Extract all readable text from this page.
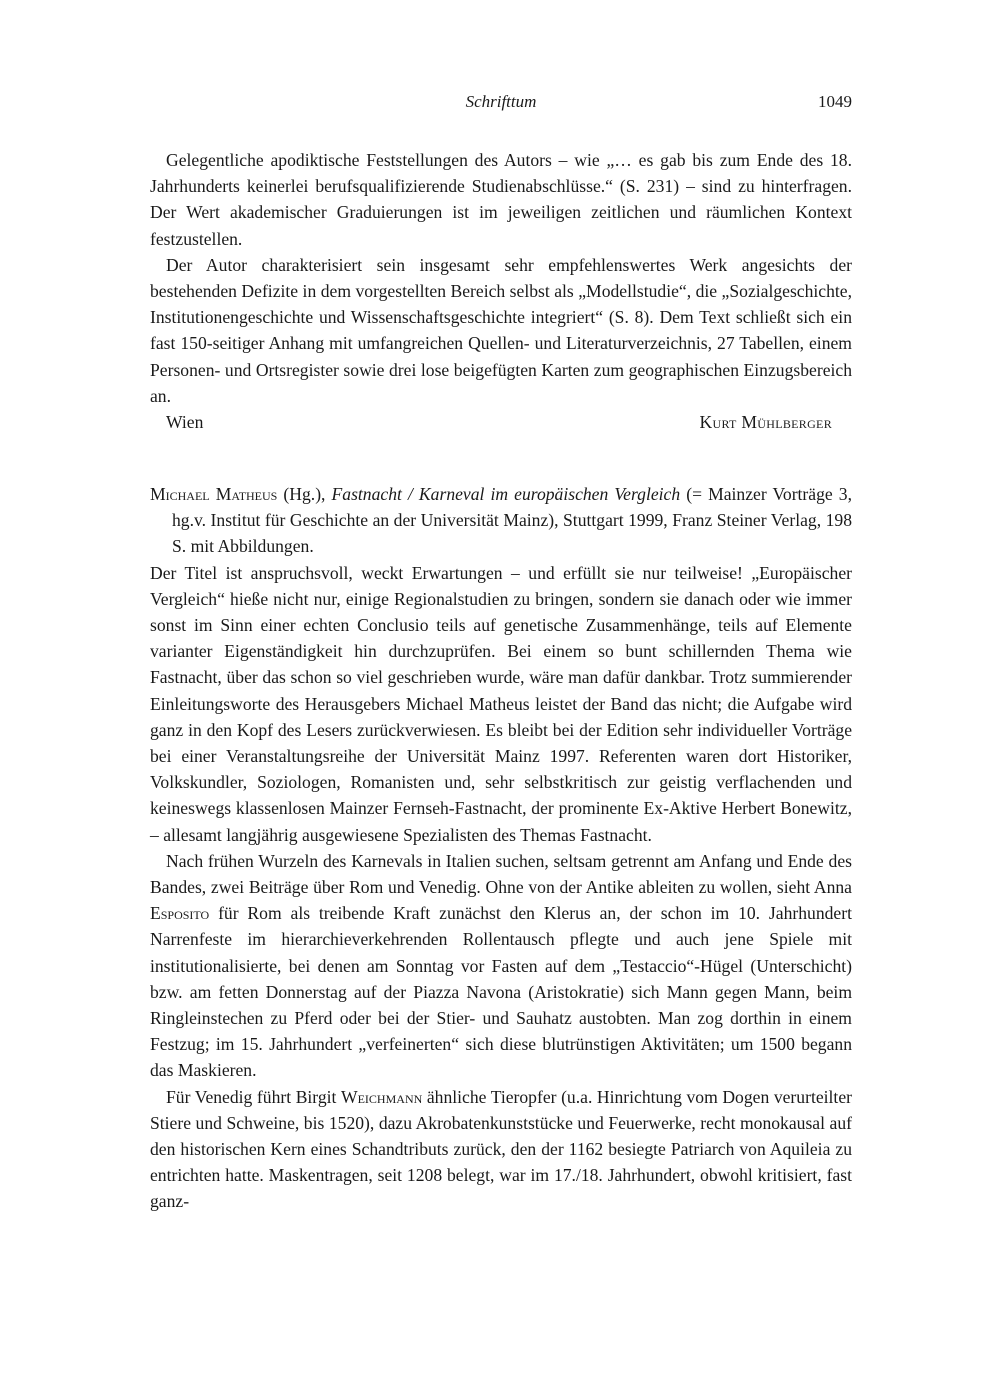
Schrifttum	1049

Gelegentliche apodiktische Feststellungen des Autors – wie „… es gab bis zum Ende des 18. Jahrhunderts keinerlei berufsqualifizierende Studienabschlüsse.“ (S. 231) – sind zu hinterfragen. Der Wert akademischer Graduierungen ist im jeweiligen zeitlichen und räumlichen Kontext festzustellen.

Der Autor charakterisiert sein insgesamt sehr empfehlenswertes Werk angesichts der bestehenden Defizite in dem vorgestellten Bereich selbst als „Modellstudie“, die „Sozialgeschichte, Institutionengeschichte und Wissenschaftsgeschichte integriert“ (S. 8). Dem Text schließt sich ein fast 150-seitiger Anhang mit umfangreichen Quellen- und Literaturverzeichnis, 27 Tabellen, einem Personen- und Ortsregister sowie drei lose beigefügten Karten zum geographischen Einzugsbereich an.

Wien	Kurt Mühlberger

Michael Matheus (Hg.), Fastnacht / Karneval im europäischen Vergleich (= Mainzer Vorträge 3, hg.v. Institut für Geschichte an der Universität Mainz), Stuttgart 1999, Franz Steiner Verlag, 198 S. mit Abbildungen.

Der Titel ist anspruchsvoll, weckt Erwartungen – und erfüllt sie nur teilweise! „Europäischer Vergleich“ hieße nicht nur, einige Regionalstudien zu bringen, sondern sie danach oder wie immer sonst im Sinn einer echten Conclusio teils auf genetische Zusammenhänge, teils auf Elemente varianter Eigenständigkeit hin durchzuprüfen. Bei einem so bunt schillernden Thema wie Fastnacht, über das schon so viel geschrieben wurde, wäre man dafür dankbar. Trotz summierender Einleitungsworte des Herausgebers Michael Matheus leistet der Band das nicht; die Aufgabe wird ganz in den Kopf des Lesers zurückverwiesen. Es bleibt bei der Edition sehr individueller Vorträge bei einer Veranstaltungsreihe der Universität Mainz 1997. Referenten waren dort Historiker, Volkskundler, Soziologen, Romanisten und, sehr selbstkritisch zur geistig verflachenden und keineswegs klassenlosen Mainzer Fernseh-Fastnacht, der prominente Ex-Aktive Herbert Bonewitz, – allesamt langjährig ausgewiesene Spezialisten des Themas Fastnacht.

Nach frühen Wurzeln des Karnevals in Italien suchen, seltsam getrennt am Anfang und Ende des Bandes, zwei Beiträge über Rom und Venedig. Ohne von der Antike ableiten zu wollen, sieht Anna Esposito für Rom als treibende Kraft zunächst den Klerus an, der schon im 10. Jahrhundert Narrenfeste im hierarchieverkehrenden Rollentausch pflegte und auch jene Spiele mit institutionalisierte, bei denen am Sonntag vor Fasten auf dem „Testaccio“-Hügel (Unterschicht) bzw. am fetten Donnerstag auf der Piazza Navona (Aristokratie) sich Mann gegen Mann, beim Ringleinstechen zu Pferd oder bei der Stier- und Sauhatz austobten. Man zog dorthin in einem Festzug; im 15. Jahrhundert „verfeinerten“ sich diese blutrünstigen Aktivitäten; um 1500 begann das Maskieren.

Für Venedig führt Birgit Weichmann ähnliche Tieropfer (u.a. Hinrichtung vom Dogen verurteilter Stiere und Schweine, bis 1520), dazu Akrobatenkunststücke und Feuerwerke, recht monokausal auf den historischen Kern eines Schandtributs zurück, den der 1162 besiegte Patriarch von Aquileia zu entrichten hatte. Maskentragen, seit 1208 belegt, war im 17./18. Jahrhundert, obwohl kritisiert, fast ganz-
